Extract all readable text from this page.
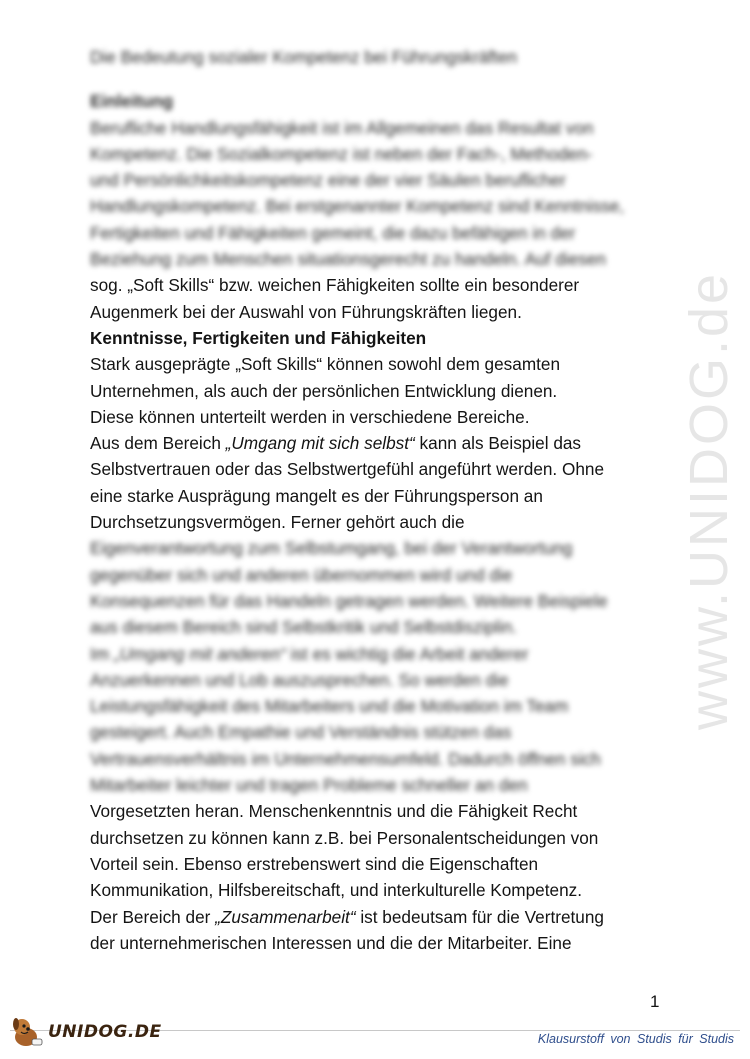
Die Bedeutung sozialer Kompetenz bei Führungskräften
Einleitung
Berufliche Handlungsfähigkeit ist im Allgemeinen das Resultat von
Kompetenz. Die Sozialkompetenz ist neben der Fach-, Methoden-
und Persönlichkeitskompetenz eine der vier Säulen beruflicher
Handlungskompetenz. Bei erstgenannter Kompetenz sind Kenntnisse,
Fertigkeiten und Fähigkeiten gemeint, die dazu befähigen in der
Beziehung zum Menschen situationsgerecht zu handeln. Auf diesen
sog. „Soft Skills“ bzw. weichen Fähigkeiten sollte ein besonderer
Augenmerk bei der Auswahl von Führungskräften liegen.
Kenntnisse, Fertigkeiten und Fähigkeiten
Stark ausgeprägte „Soft Skills“ können sowohl dem gesamten
Unternehmen, als auch der persönlichen Entwicklung dienen.
Diese können unterteilt werden in verschiedene Bereiche.
Aus dem Bereich „Umgang mit sich selbst“ kann als Beispiel das
Selbstvertrauen oder das Selbstwertgefühl angeführt werden. Ohne
eine starke Ausprägung mangelt es der Führungsperson an
Durchsetzungsvermögen. Ferner gehört auch die
Eigenverantwortung zum Selbstumgang, bei der Verantwortung
gegenüber sich und anderen übernommen wird und die
Konsequenzen für das Handeln getragen werden. Weitere Beispiele
aus diesem Bereich sind Selbstkritik und Selbstdisziplin.
Im „Umgang mit anderen“ ist es wichtig die Arbeit anderer
Anzuerkennen und Lob auszusprechen. So werden die
Leistungsfähigkeit des Mitarbeiters und die Motivation im Team
gesteigert. Auch Empathie und Verständnis stützen das
Vertrauensverhältnis im Unternehmensumfeld. Dadurch öffnen sich
Mitarbeiter leichter und tragen Probleme schneller an den
Vorgesetzten heran. Menschenkenntnis und die Fähigkeit Recht
durchsetzen zu können kann z.B. bei Personalentscheidungen von
Vorteil sein. Ebenso erstrebenswert sind die Eigenschaften
Kommunikation, Hilfsbereitschaft, und interkulturelle Kompetenz.
Der Bereich der „Zusammenarbeit“ ist bedeutsam für die Vertretung
der unternehmerischen Interessen und die der Mitarbeiter. Eine
www.UNIDOG.de
1
UNIDOG.DE	Klausurstoff von Studis für Studis
